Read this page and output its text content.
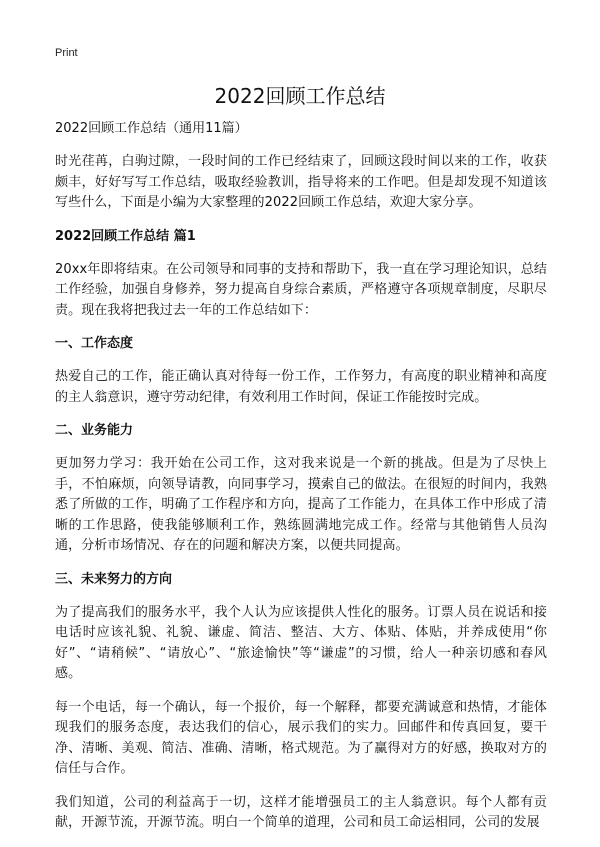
Print
2022回顾工作总结
2022回顾工作总结（通用11篇）

时光荏苒，白驹过隙，一段时间的工作已经结束了，回顾这段时间以来的工作，收获颇丰，好好写写工作总结，吸取经验教训，指导将来的工作吧。但是却发现不知道该写些什么，下面是小编为大家整理的2022回顾工作总结，欢迎大家分享。

2022回顾工作总结 篇1

20xx年即将结束。在公司领导和同事的支持和帮助下，我一直在学习理论知识，总结工作经验，加强自身修养，努力提高自身综合素质，严格遵守各项规章制度，尽职尽责。现在我将把我过去一年的工作总结如下：

一、工作态度

热爱自己的工作，能正确认真对待每一份工作，工作努力，有高度的职业精神和高度的主人翁意识，遵守劳动纪律，有效利用工作时间，保证工作能按时完成。

二、业务能力

更加努力学习：我开始在公司工作，这对我来说是一个新的挑战。但是为了尽快上手，不怕麻烦，向领导请教，向同事学习，摸索自己的做法。在很短的时间内，我熟悉了所做的工作，明确了工作程序和方向，提高了工作能力，在具体工作中形成了清晰的工作思路，使我能够顺利工作，熟练圆满地完成工作。经常与其他销售人员沟通，分析市场情况、存在的问题和解决方案，以便共同提高。

三、未来努力的方向

为了提高我们的服务水平，我个人认为应该提供人性化的服务。订票人员在说话和接电话时应该礼貌、礼貌、谦虚、简洁、整洁、大方、体贴、体贴，并养成使用“你好”、“请稍候”、“请放心”、“旅途愉快”等“谦虚”的习惯，给人一种亲切感和春风感。

每一个电话，每一个确认，每一个报价，每一个解释，都要充满诚意和热情，才能体现我们的服务态度，表达我们的信心，展示我们的实力。回邮件和传真回复，要干净、清晰、美观、简洁、准确、清晰，格式规范。为了赢得对方的好感，换取对方的信任与合作。

我们知道，公司的利益高于一切，这样才能增强员工的主人翁意识。每个人都有贡献，开源节流，开源节流。明白一个简单的道理，公司和员工命运相同，公司的发展
